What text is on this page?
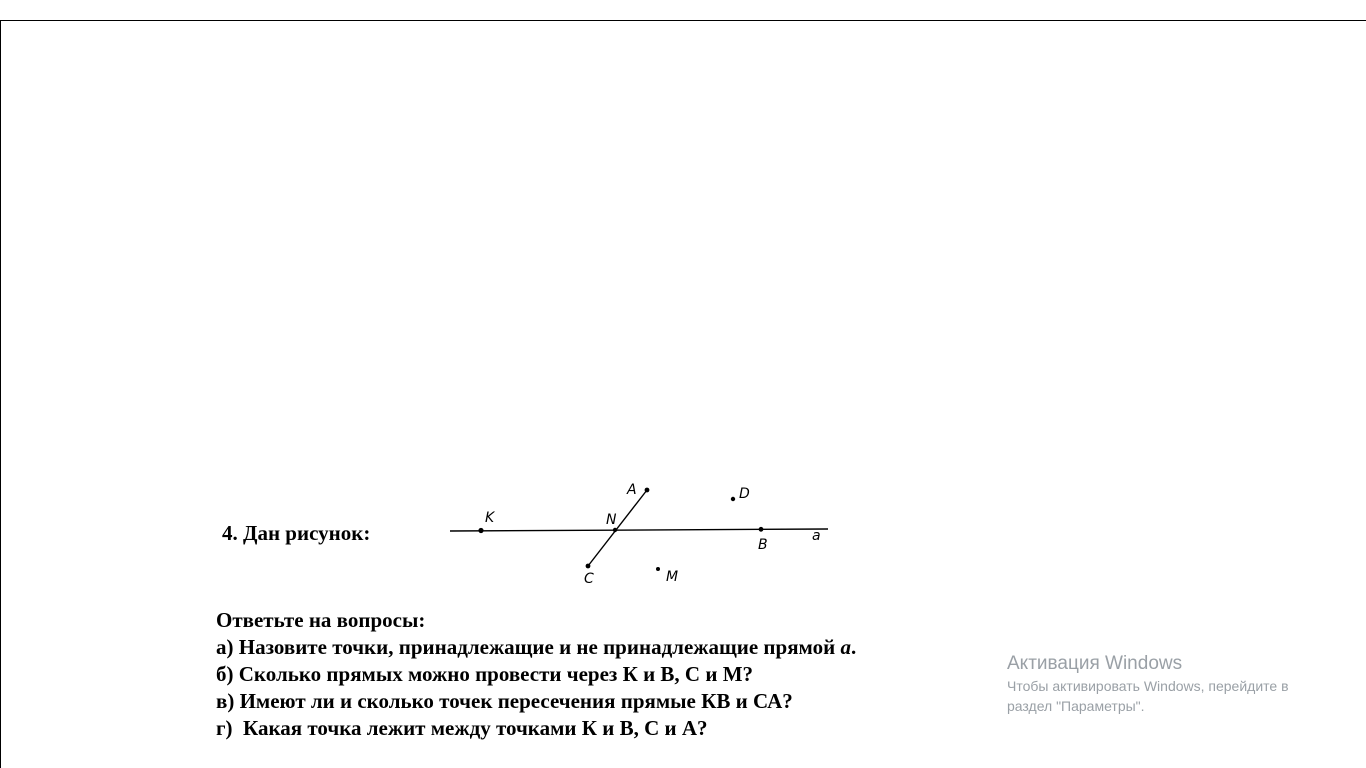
4. Дан рисунок:
K	N
A	D
B
a
C	M
Ответьте на вопросы:
а) Назовите точки, принадлежащие и не принадлежащие прямой а.
б) Сколько прямых можно провести через К и В, С и М?
в) Имеют ли и сколько точек пересечения прямые КВ и СА?
г)  Какая точка лежит между точками К и В, С и А?
Активация Windows
Чтобы активировать Windows, перейдите в
раздел "Параметры".
